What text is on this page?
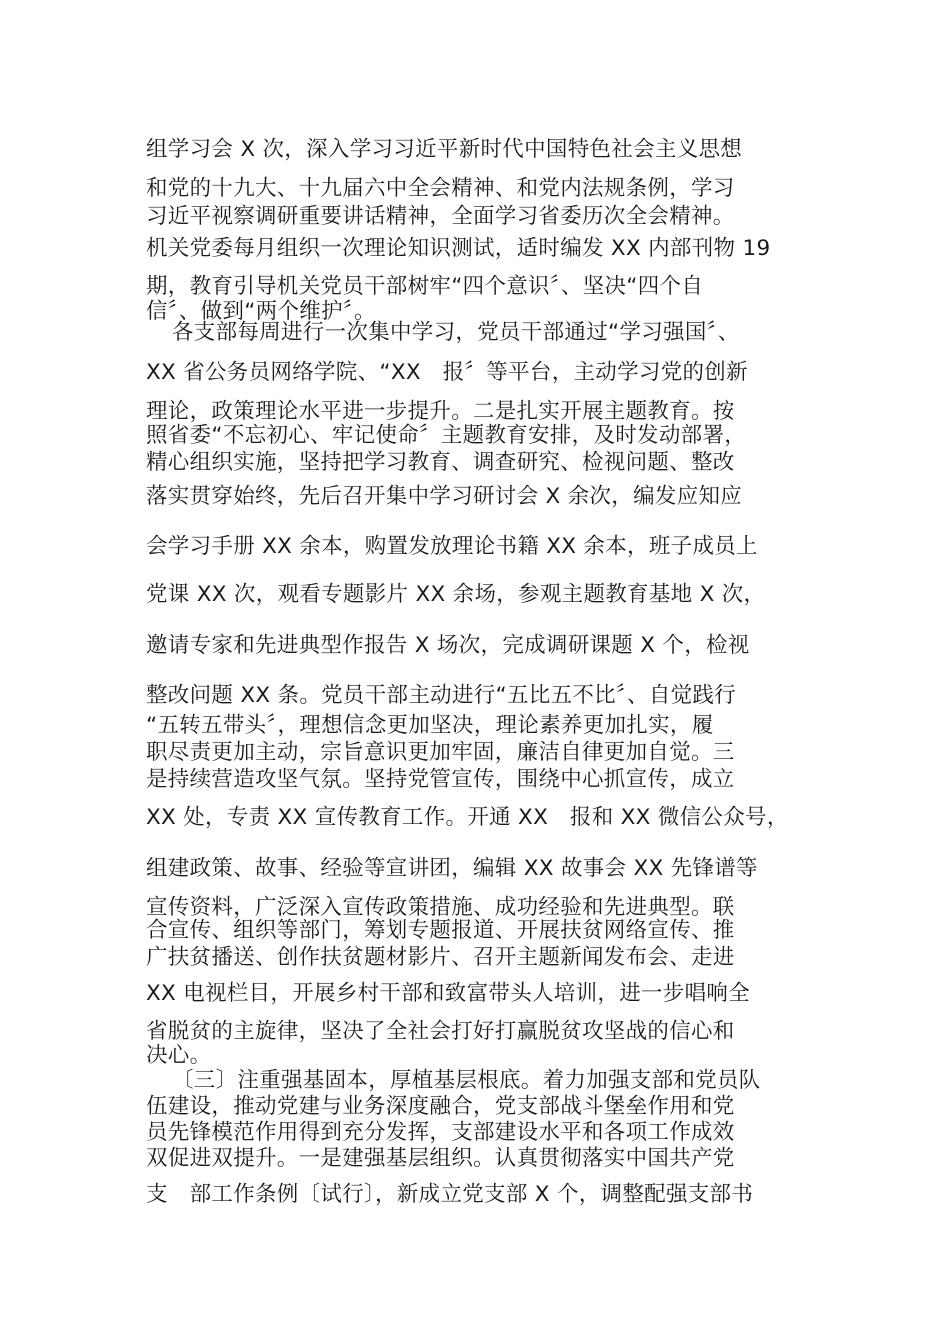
组学习会 X 次，深入学习习近平新时代中国特色社会主义思想
和党的十九大、十九届六中全会精神、和党内法规条例，学习
习近平视察调研重要讲话精神，全面学习省委历次全会精神。
机关党委每月组织一次理论知识测试，适时编发 XX 内部刊物 19
期，教育引导机关党员干部树牢“四个意识〞、坚决“四个自
信〞、做到“两个维护〞。
各支部每周进行一次集中学习，党员干部通过“学习强国〞、
XX 省公务员网络学院、“XX　报〞等平台，主动学习党的创新
理论，政策理论水平进一步提升。二是扎实开展主题教育。按
照省委“不忘初心、牢记使命〞主题教育安排，及时发动部署，
精心组织实施，坚持把学习教育、调查研究、检视问题、整改
落实贯穿始终，先后召开集中学习研讨会 X 余次，编发应知应
会学习手册 XX 余本，购置发放理论书籍 XX 余本，班子成员上
党课 XX 次，观看专题影片 XX 余场，参观主题教育基地 X 次，
邀请专家和先进典型作报告 X 场次，完成调研课题 X 个，检视
整改问题 XX 条。党员干部主动进行“五比五不比〞、自觉践行
“五转五带头〞，理想信念更加坚决，理论素养更加扎实，履
职尽责更加主动，宗旨意识更加牢固，廉洁自律更加自觉。三
是持续营造攻坚气氛。坚持党管宣传，围绕中心抓宣传，成立
XX 处，专责 XX 宣传教育工作。开通 XX　报和 XX 微信公众号，
组建政策、故事、经验等宣讲团，编辑 XX 故事会 XX 先锋谱等
宣传资料，广泛深入宣传政策措施、成功经验和先进典型。联
合宣传、组织等部门，筹划专题报道、开展扶贫网络宣传、推
广扶贫播送、创作扶贫题材影片、召开主题新闻发布会、走进
XX 电视栏目，开展乡村干部和致富带头人培训，进一步唱响全
省脱贫的主旋律，坚决了全社会打好打赢脱贫攻坚战的信心和
决心。
〔三〕注重强基固本，厚植基层根底。着力加强支部和党员队
伍建设，推动党建与业务深度融合，党支部战斗堡垒作用和党
员先锋模范作用得到充分发挥，支部建设水平和各项工作成效
双促进双提升。一是建强基层组织。认真贯彻落实中国共产党
支　部工作条例〔试行〕，新成立党支部 X 个，调整配强支部书
